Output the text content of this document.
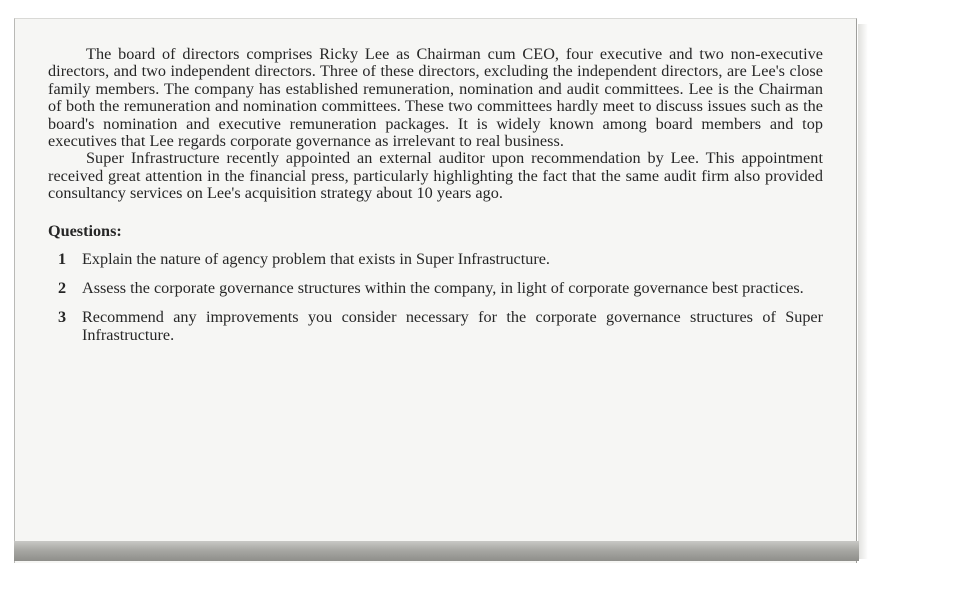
The board of directors comprises Ricky Lee as Chairman cum CEO, four executive and two non-executive directors, and two independent directors. Three of these directors, excluding the independent directors, are Lee's close family members. The company has established remuneration, nomination and audit committees. Lee is the Chairman of both the remuneration and nomination committees. These two committees hardly meet to discuss issues such as the board's nomination and executive remuneration packages. It is widely known among board members and top executives that Lee regards corporate governance as irrelevant to real business.

Super Infrastructure recently appointed an external auditor upon recommendation by Lee. This appointment received great attention in the financial press, particularly highlighting the fact that the same audit firm also provided consultancy services on Lee's acquisition strategy about 10 years ago.

Questions:
1 Explain the nature of agency problem that exists in Super Infrastructure.
2 Assess the corporate governance structures within the company, in light of corporate governance best practices.
3 Recommend any improvements you consider necessary for the corporate governance structures of Super Infrastructure.
